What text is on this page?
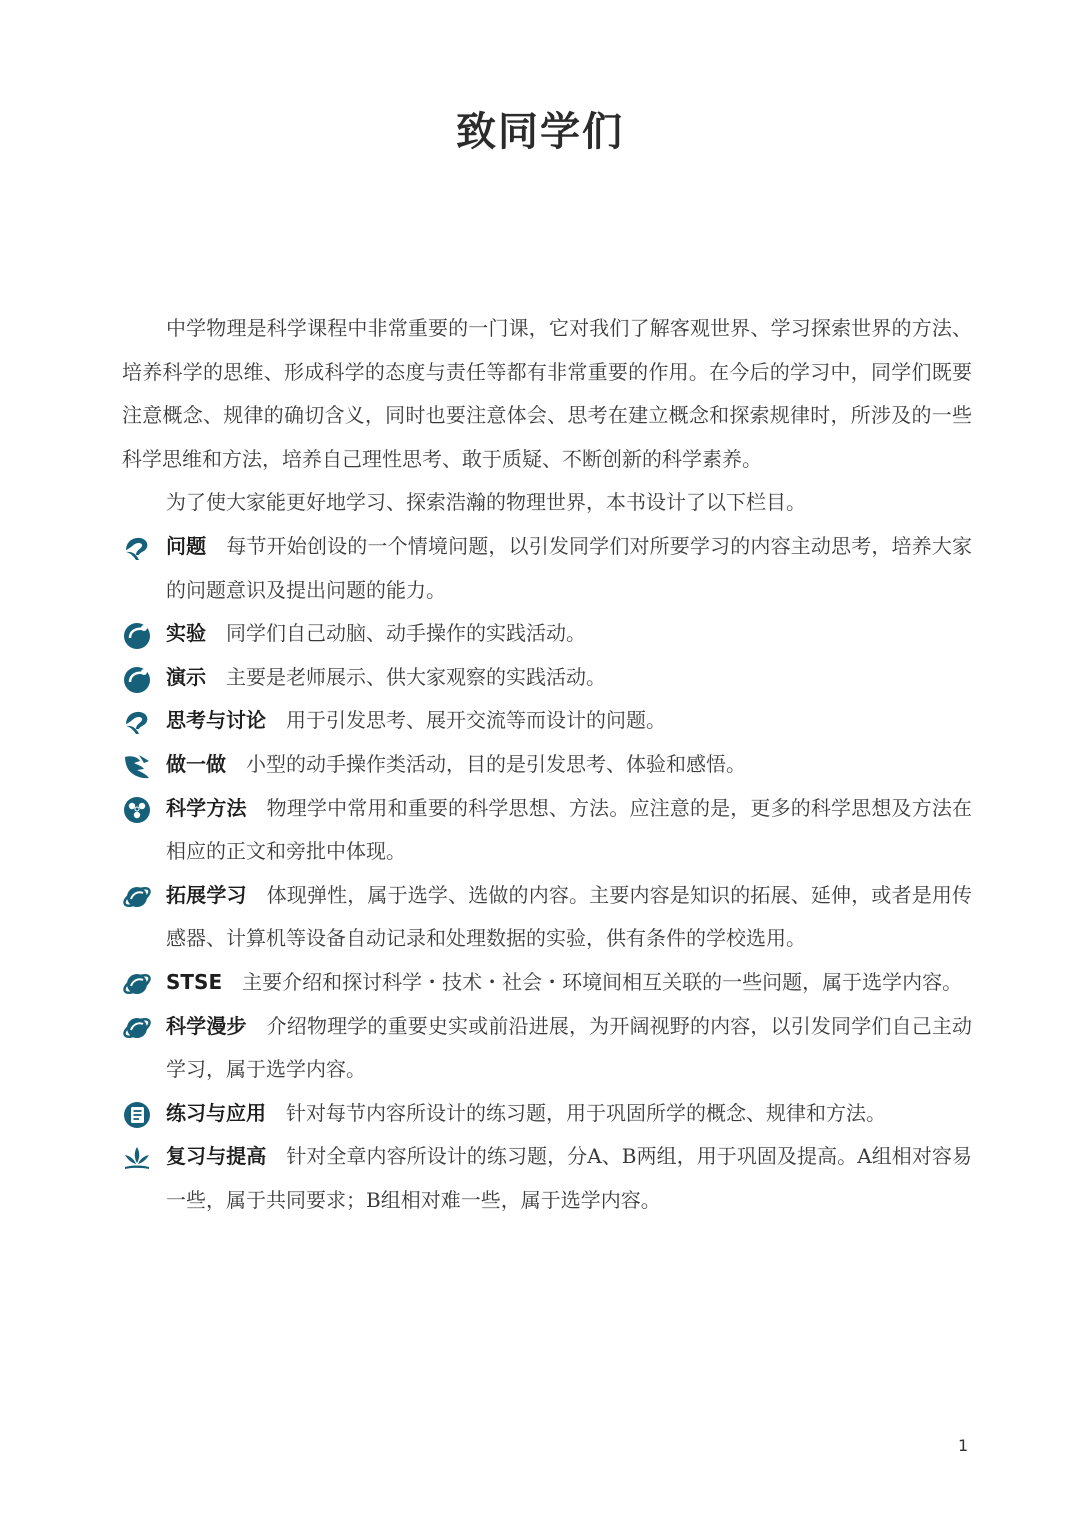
致同学们

中学物理是科学课程中非常重要的一门课，它对我们了解客观世界、学习探索世界的方法、培养科学的思维、形成科学的态度与责任等都有非常重要的作用。在今后的学习中，同学们既要注意概念、规律的确切含义，同时也要注意体会、思考在建立概念和探索规律时，所涉及的一些科学思维和方法，培养自己理性思考、敢于质疑、不断创新的科学素养。

为了使大家能更好地学习、探索浩瀚的物理世界，本书设计了以下栏目。

问题 每节开始创设的一个情境问题，以引发同学们对所要学习的内容主动思考，培养大家的问题意识及提出问题的能力。
实验 同学们自己动脑、动手操作的实践活动。
演示 主要是老师展示、供大家观察的实践活动。
思考与讨论 用于引发思考、展开交流等而设计的问题。
做一做 小型的动手操作类活动，目的是引发思考、体验和感悟。
科学方法 物理学中常用和重要的科学思想、方法。应注意的是，更多的科学思想及方法在相应的正文和旁批中体现。
拓展学习 体现弹性，属于选学、选做的内容。主要内容是知识的拓展、延伸，或者是用传感器、计算机等设备自动记录和处理数据的实验，供有条件的学校选用。
STSE 主要介绍和探讨科学・技术・社会・环境间相互关联的一些问题，属于选学内容。
科学漫步 介绍物理学的重要史实或前沿进展，为开阔视野的内容，以引发同学们自己主动学习，属于选学内容。
练习与应用 针对每节内容所设计的练习题，用于巩固所学的概念、规律和方法。
复习与提高 针对全章内容所设计的练习题，分A、B两组，用于巩固及提高。A组相对容易一些，属于共同要求；B组相对难一些，属于选学内容。
1
